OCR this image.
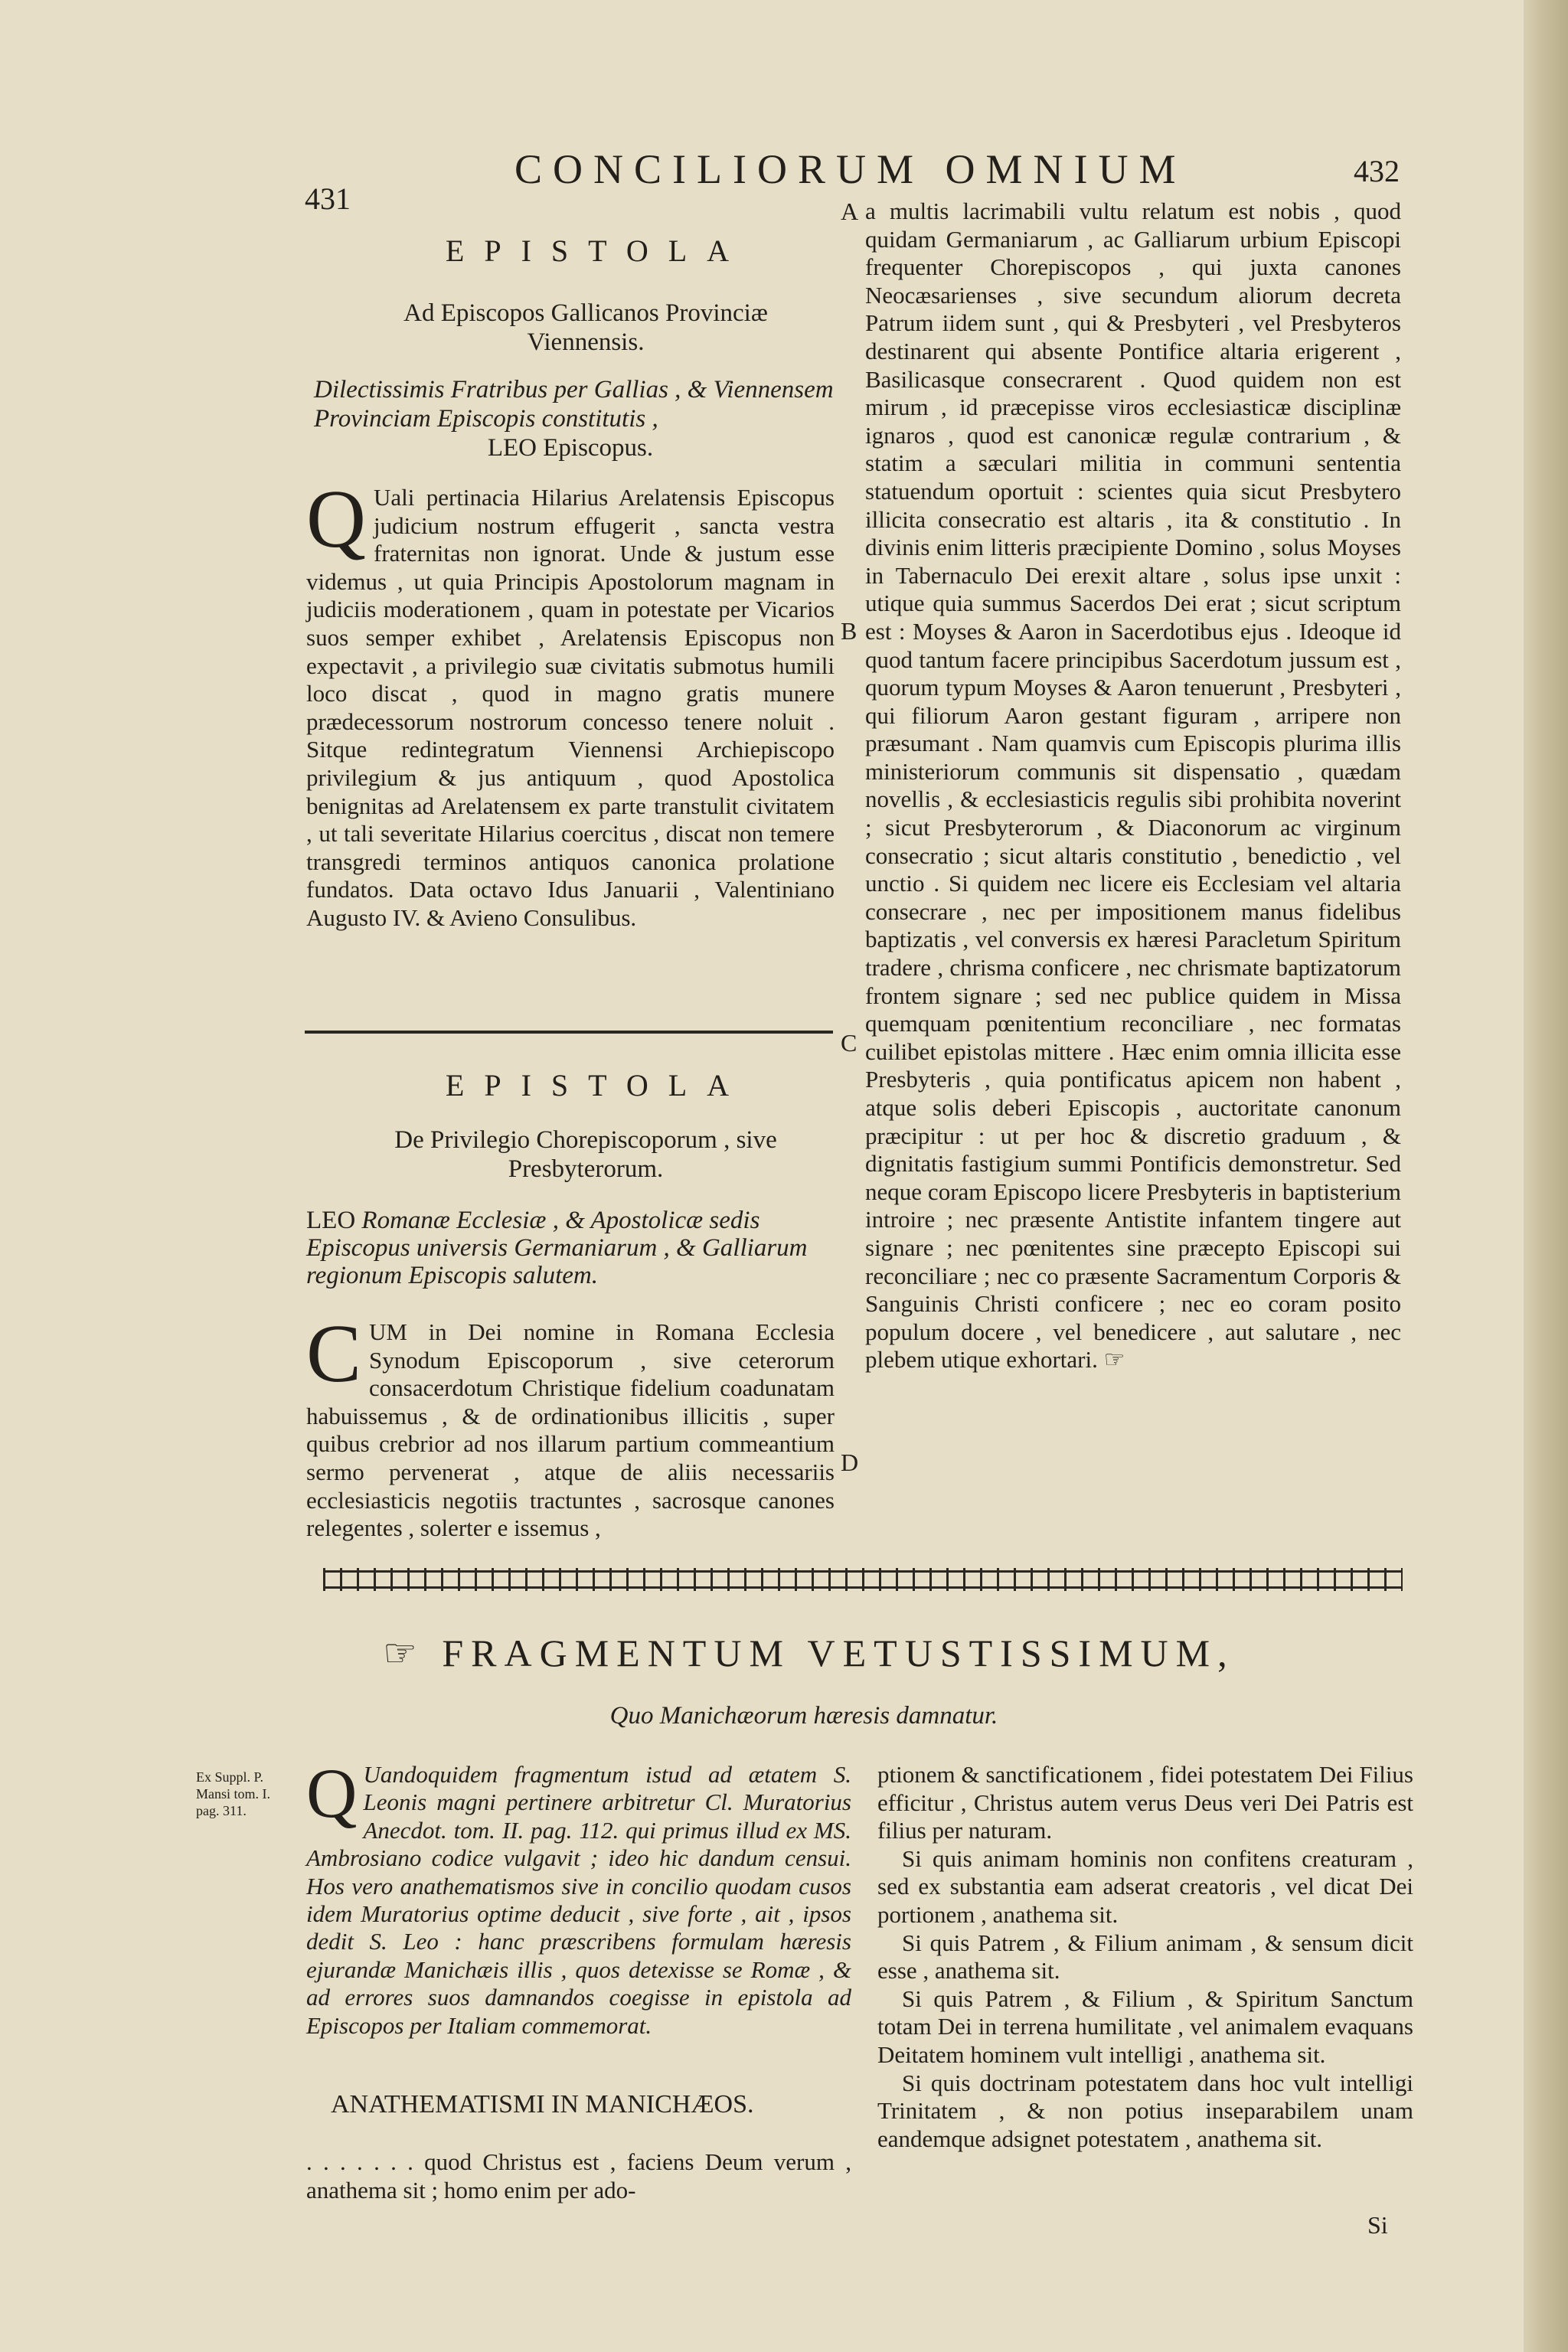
431
CONCILIORUM OMNIUM	432
EPISTOLA
Ad Episcopos Gallicanos Provinciæ Viennensis.
Dilectissimis Fratribus per Gallias , & Viennensem Provinciam Episcopis constitutis ,
LEO Episcopus.
Q Uali pertinacia Hilarius Arelatensis Episcopus judicium nostrum effugerit , sancta vestra fraternitas non ignorat. Unde & justum esse videmus , ut quia Principis Apostolorum magnam in judiciis moderationem , quam in potestate per Vicarios suos semper exhibet , Arelatensis Episcopus non expectavit , a privilegio suæ civitatis submotus humili loco discat , quod in magno gratis munere prædecessorum nostrorum concesso tenere noluit . Sitque redintegratum Viennensi Archiepiscopo privilegium & jus antiquum , quod Apostolica benignitas ad Arelatensem ex parte transtulit civitatem , ut tali severitate Hilarius coercitus , discat non temere transgredi terminos antiquos canonica prolatione fundatos. Data octavo Idus Januarii , Valentiniano Augusto IV. & Avieno Consulibus.
EPISTOLA
De Privilegio Chorepiscoporum , sive Presbyterorum.
LEO Romanæ Ecclesiæ , & Apostolicæ sedis Episcopus universis Germaniarum , & Galliarum regionum Episcopis salutem.
CUM in Dei nomine in Romana Ecclesia Synodum Episcoporum , sive ceterorum consacerdotum Christique fidelium coadunatam habuissemus , & de ordinationibus illicitis , super quibus crebrior ad nos illarum partium commeantium sermo pervenerat , atque de aliis necessariis ecclesiasticis negotiis tractuntes , sacrosque canones relegentes , solerter e issemus ,
A
B
C
D
a multis lacrimabili vultu relatum est nobis , quod quidam Germaniarum , ac Galliarum urbium Episcopi frequenter Chorepiscopos , qui juxta canones Neocæsarienses , sive secundum aliorum decreta Patrum iidem sunt , qui & Presbyteri , vel Presbyteros destinarent qui absente Pontifice altaria erigerent , Basilicasque consecrarent . Quod quidem non est mirum , id præcepisse viros ecclesiasticæ disciplinæ ignaros , quod est canonicæ regulæ contrarium , & statim a sæculari militia in communi sententia statuendum oportuit : scientes quia sicut Presbytero illicita consecratio est altaris , ita & constitutio . In divinis enim litteris præcipiente Domino , solus Moyses in Tabernaculo Dei erexit altare , solus ipse unxit : utique quia summus Sacerdos Dei erat ; sicut scriptum est : Moyses & Aaron in Sacerdotibus ejus . Ideoque id quod tantum facere principibus Sacerdotum jussum est , quorum typum Moyses & Aaron tenuerunt , Presbyteri , qui filiorum Aaron gestant figuram , arripere non præsumant . Nam quamvis cum Episcopis plurima illis ministeriorum communis sit dispensatio , quædam novellis , & ecclesiasticis regulis sibi prohibita noverint ; sicut Presbyterorum , & Diaconorum ac virginum consecratio ; sicut altaris constitutio , benedictio , vel unctio . Si quidem nec licere eis Ecclesiam vel altaria consecrare , nec per impositionem manus fidelibus baptizatis , vel conversis ex hæresi Paracletum Spiritum tradere , chrisma conficere , nec chrismate baptizatorum frontem signare ; sed nec publice quidem in Missa quemquam pœnitentium reconciliare , nec formatas cuilibet epistolas mittere . Hæc enim omnia illicita esse Presbyteris , quia pontificatus apicem non habent , atque solis deberi Episcopis , auctoritate canonum præcipitur : ut per hoc & discretio graduum , & dignitatis fastigium summi Pontificis demonstretur. Sed neque coram Episcopo licere Presbyteris in baptisterium introire ; nec præsente Antistite infantem tingere aut signare ; nec pœnitentes sine præcepto Episcopi sui reconciliare ; nec co præsente Sacramentum Corporis & Sanguinis Christi conficere ; nec eo coram posito populum docere , vel benedicere , aut salutare , nec plebem utique exhortari. ☞
☞ FRAGMENTUM VETUSTISSIMUM,
Quo Manichæorum hæresis damnatur.
Ex Suppl. P.
Mansi tom. I.
pag. 311. Q Uandoquidem fragmentum istud ad ætatem S. Leonis magni pertinere arbitretur Cl. Muratorius Anecdot. tom. II. pag. 112. qui primus illud ex MS. Ambrosiano codice vulgavit ; ideo hic dandum censui. Hos vero anathematismos sive in concilio quodam cusos idem Muratorius optime deducit , sive forte , ait , ipsos dedit S. Leo : hanc præscribens formulam hæresis ejurandæ Manichæis illis , quos detexisse se Romæ , & ad errores suos damnandos coegisse in epistola ad Episcopos per Italiam commemorat.
ANATHEMATISMI IN MANICHÆOS.
. . . . . . . quod Christus est , faciens Deum verum , anathema sit ; homo enim per ado-

ptionem & sanctificationem , fidei potestatem Dei Filius efficitur , Christus autem verus Deus veri Dei Patris est filius per naturam.

Si quis animam hominis non confitens creaturam , sed ex substantia eam adserat creatoris , vel dicat Dei portionem , anathema sit.

Si quis Patrem , & Filium animam , & sensum dicit esse , anathema sit.

Si quis Patrem , & Filium , & Spiritum Sanctum totam Dei in terrena humilitate , vel animalem evaquans Deitatem hominem vult intelligi , anathema sit.

Si quis doctrinam potestatem dans hoc vult intelligi Trinitatem , & non potius inseparabilem unam eandemque adsignet potestatem , anathema sit.

Si
